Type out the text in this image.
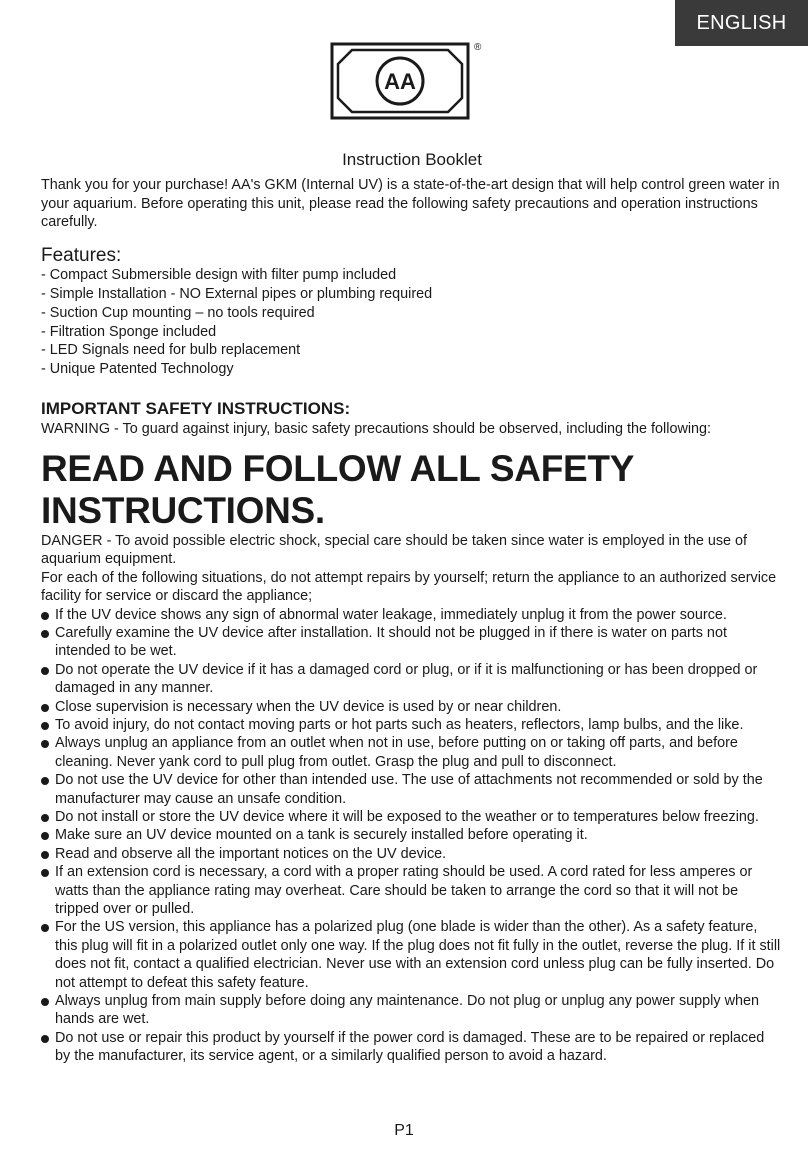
ENGLISH
AA
®
Instruction Booklet

Thank you for your purchase! AA's GKM (Internal UV) is a state-of-the-art design that will help control green water in your aquarium. Before operating this unit, please read the following safety precautions and operation instructions carefully.

Features:
- Compact Submersible design with filter pump included
- Simple Installation - NO External pipes or plumbing required
- Suction Cup mounting – no tools required
- Filtration Sponge included
- LED Signals need for bulb replacement
- Unique Patented Technology
IMPORTANT SAFETY INSTRUCTIONS:
WARNING - To guard against injury, basic safety precautions should be observed, including the following:
READ AND FOLLOW ALL SAFETY INSTRUCTIONS.
DANGER - To avoid possible electric shock, special care should be taken since water is employed in the use of aquarium equipment.
For each of the following situations, do not attempt repairs by yourself; return the appliance to an authorized service facility for service or discard the appliance;
If the UV device shows any sign of abnormal water leakage, immediately unplug it from the power source.
Carefully examine the UV device after installation. It should not be plugged in if there is water on parts not intended to be wet.
Do not operate the UV device if it has a damaged cord or plug, or if it is malfunctioning or has been dropped or damaged in any manner.
Close supervision is necessary when the UV device is used by or near children.
To avoid injury, do not contact moving parts or hot parts such as heaters, reflectors, lamp bulbs, and the like.
Always unplug an appliance from an outlet when not in use, before putting on or taking off parts, and before cleaning. Never yank cord to pull plug from outlet. Grasp the plug and pull to disconnect.
Do not use the UV device for other than intended use. The use of attachments not recommended or sold by the manufacturer may cause an unsafe condition.
Do not install or store the UV device where it will be exposed to the weather or to temperatures below freezing.
Make sure an UV device mounted on a tank is securely installed before operating it.
Read and observe all the important notices on the UV device.
If an extension cord is necessary, a cord with a proper rating should be used. A cord rated for less amperes or watts than the appliance rating may overheat. Care should be taken to arrange the cord so that it will not be tripped over or pulled.
For the US version, this appliance has a polarized plug (one blade is wider than the other). As a safety feature, this plug will fit in a polarized outlet only one way. If the plug does not fit fully in the outlet, reverse the plug. If it still does not fit, contact a qualified electrician. Never use with an extension cord unless plug can be fully inserted. Do not attempt to defeat this safety feature.
Always unplug from main supply before doing any maintenance. Do not plug or unplug any power supply when hands are wet.
Do not use or repair this product by yourself if the power cord is damaged. These are to be repaired or replaced by the manufacturer, its service agent, or a similarly qualified person to avoid a hazard.
P1
